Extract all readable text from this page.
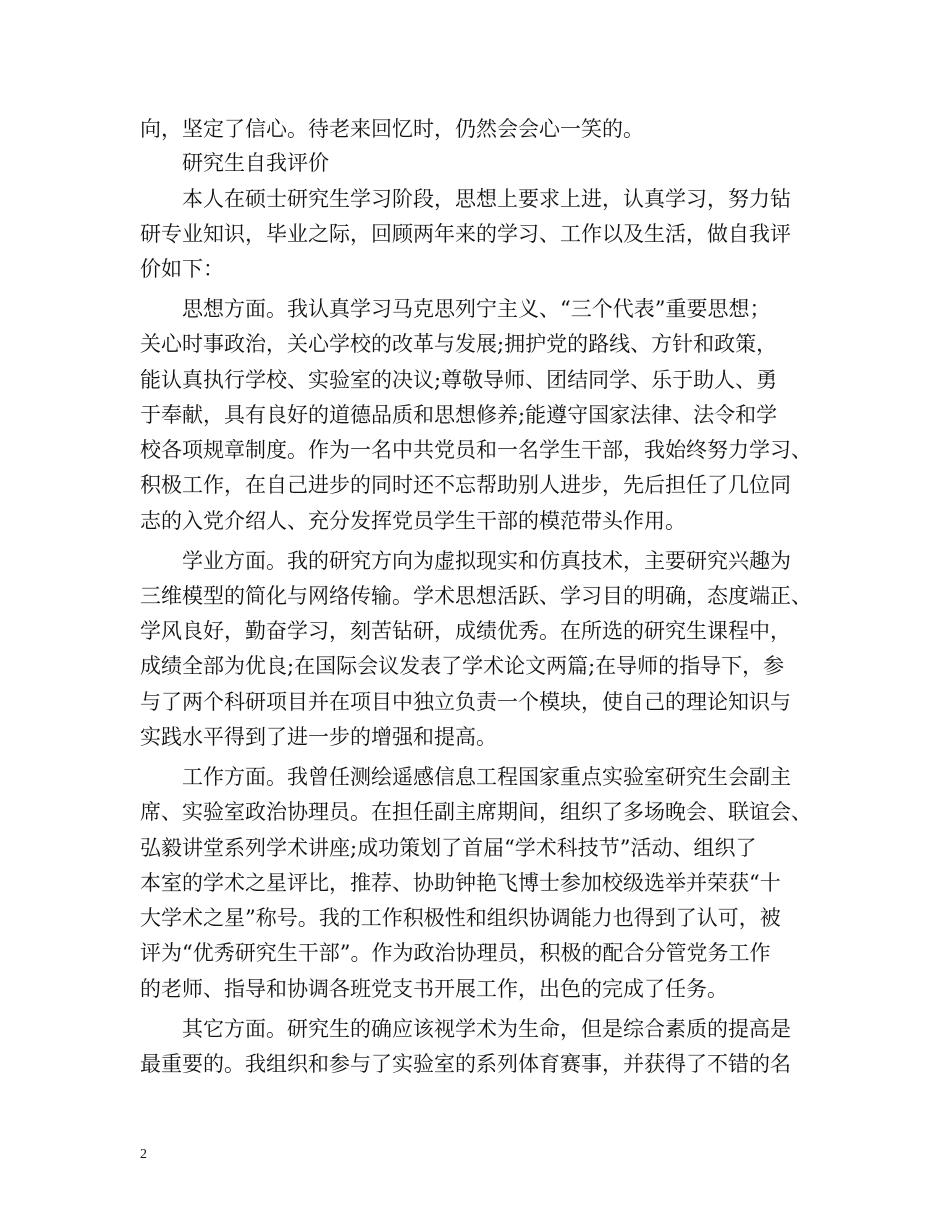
向，坚定了信心。待老来回忆时，仍然会会心一笑的。
研究生自我评价
本人在硕士研究生学习阶段，思想上要求上进，认真学习，努力钻
研专业知识，毕业之际，回顾两年来的学习、工作以及生活，做自我评
价如下：
思想方面。我认真学习马克思列宁主义、“三个代表”重要思想；
关心时事政治，关心学校的改革与发展;拥护党的路线、方针和政策，
能认真执行学校、实验室的决议;尊敬导师、团结同学、乐于助人、勇
于奉献，具有良好的道德品质和思想修养;能遵守国家法律、法令和学
校各项规章制度。作为一名中共党员和一名学生干部，我始终努力学习、
积极工作，在自己进步的同时还不忘帮助别人进步，先后担任了几位同
志的入党介绍人、充分发挥党员学生干部的模范带头作用。
学业方面。我的研究方向为虚拟现实和仿真技术，主要研究兴趣为
三维模型的简化与网络传输。学术思想活跃、学习目的明确，态度端正、
学风良好，勤奋学习，刻苦钻研，成绩优秀。在所选的研究生课程中，
成绩全部为优良;在国际会议发表了学术论文两篇;在导师的指导下，参
与了两个科研项目并在项目中独立负责一个模块，使自己的理论知识与
实践水平得到了进一步的增强和提高。
工作方面。我曾任测绘遥感信息工程国家重点实验室研究生会副主
席、实验室政治协理员。在担任副主席期间，组织了多场晚会、联谊会、
弘毅讲堂系列学术讲座;成功策划了首届“学术科技节”活动、组织了
本室的学术之星评比，推荐、协助钟艳飞博士参加校级选举并荣获“十
大学术之星”称号。我的工作积极性和组织协调能力也得到了认可，被
评为“优秀研究生干部”。作为政治协理员，积极的配合分管党务工作
的老师、指导和协调各班党支书开展工作，出色的完成了任务。
其它方面。研究生的确应该视学术为生命，但是综合素质的提高是
最重要的。我组织和参与了实验室的系列体育赛事，并获得了不错的名
2
